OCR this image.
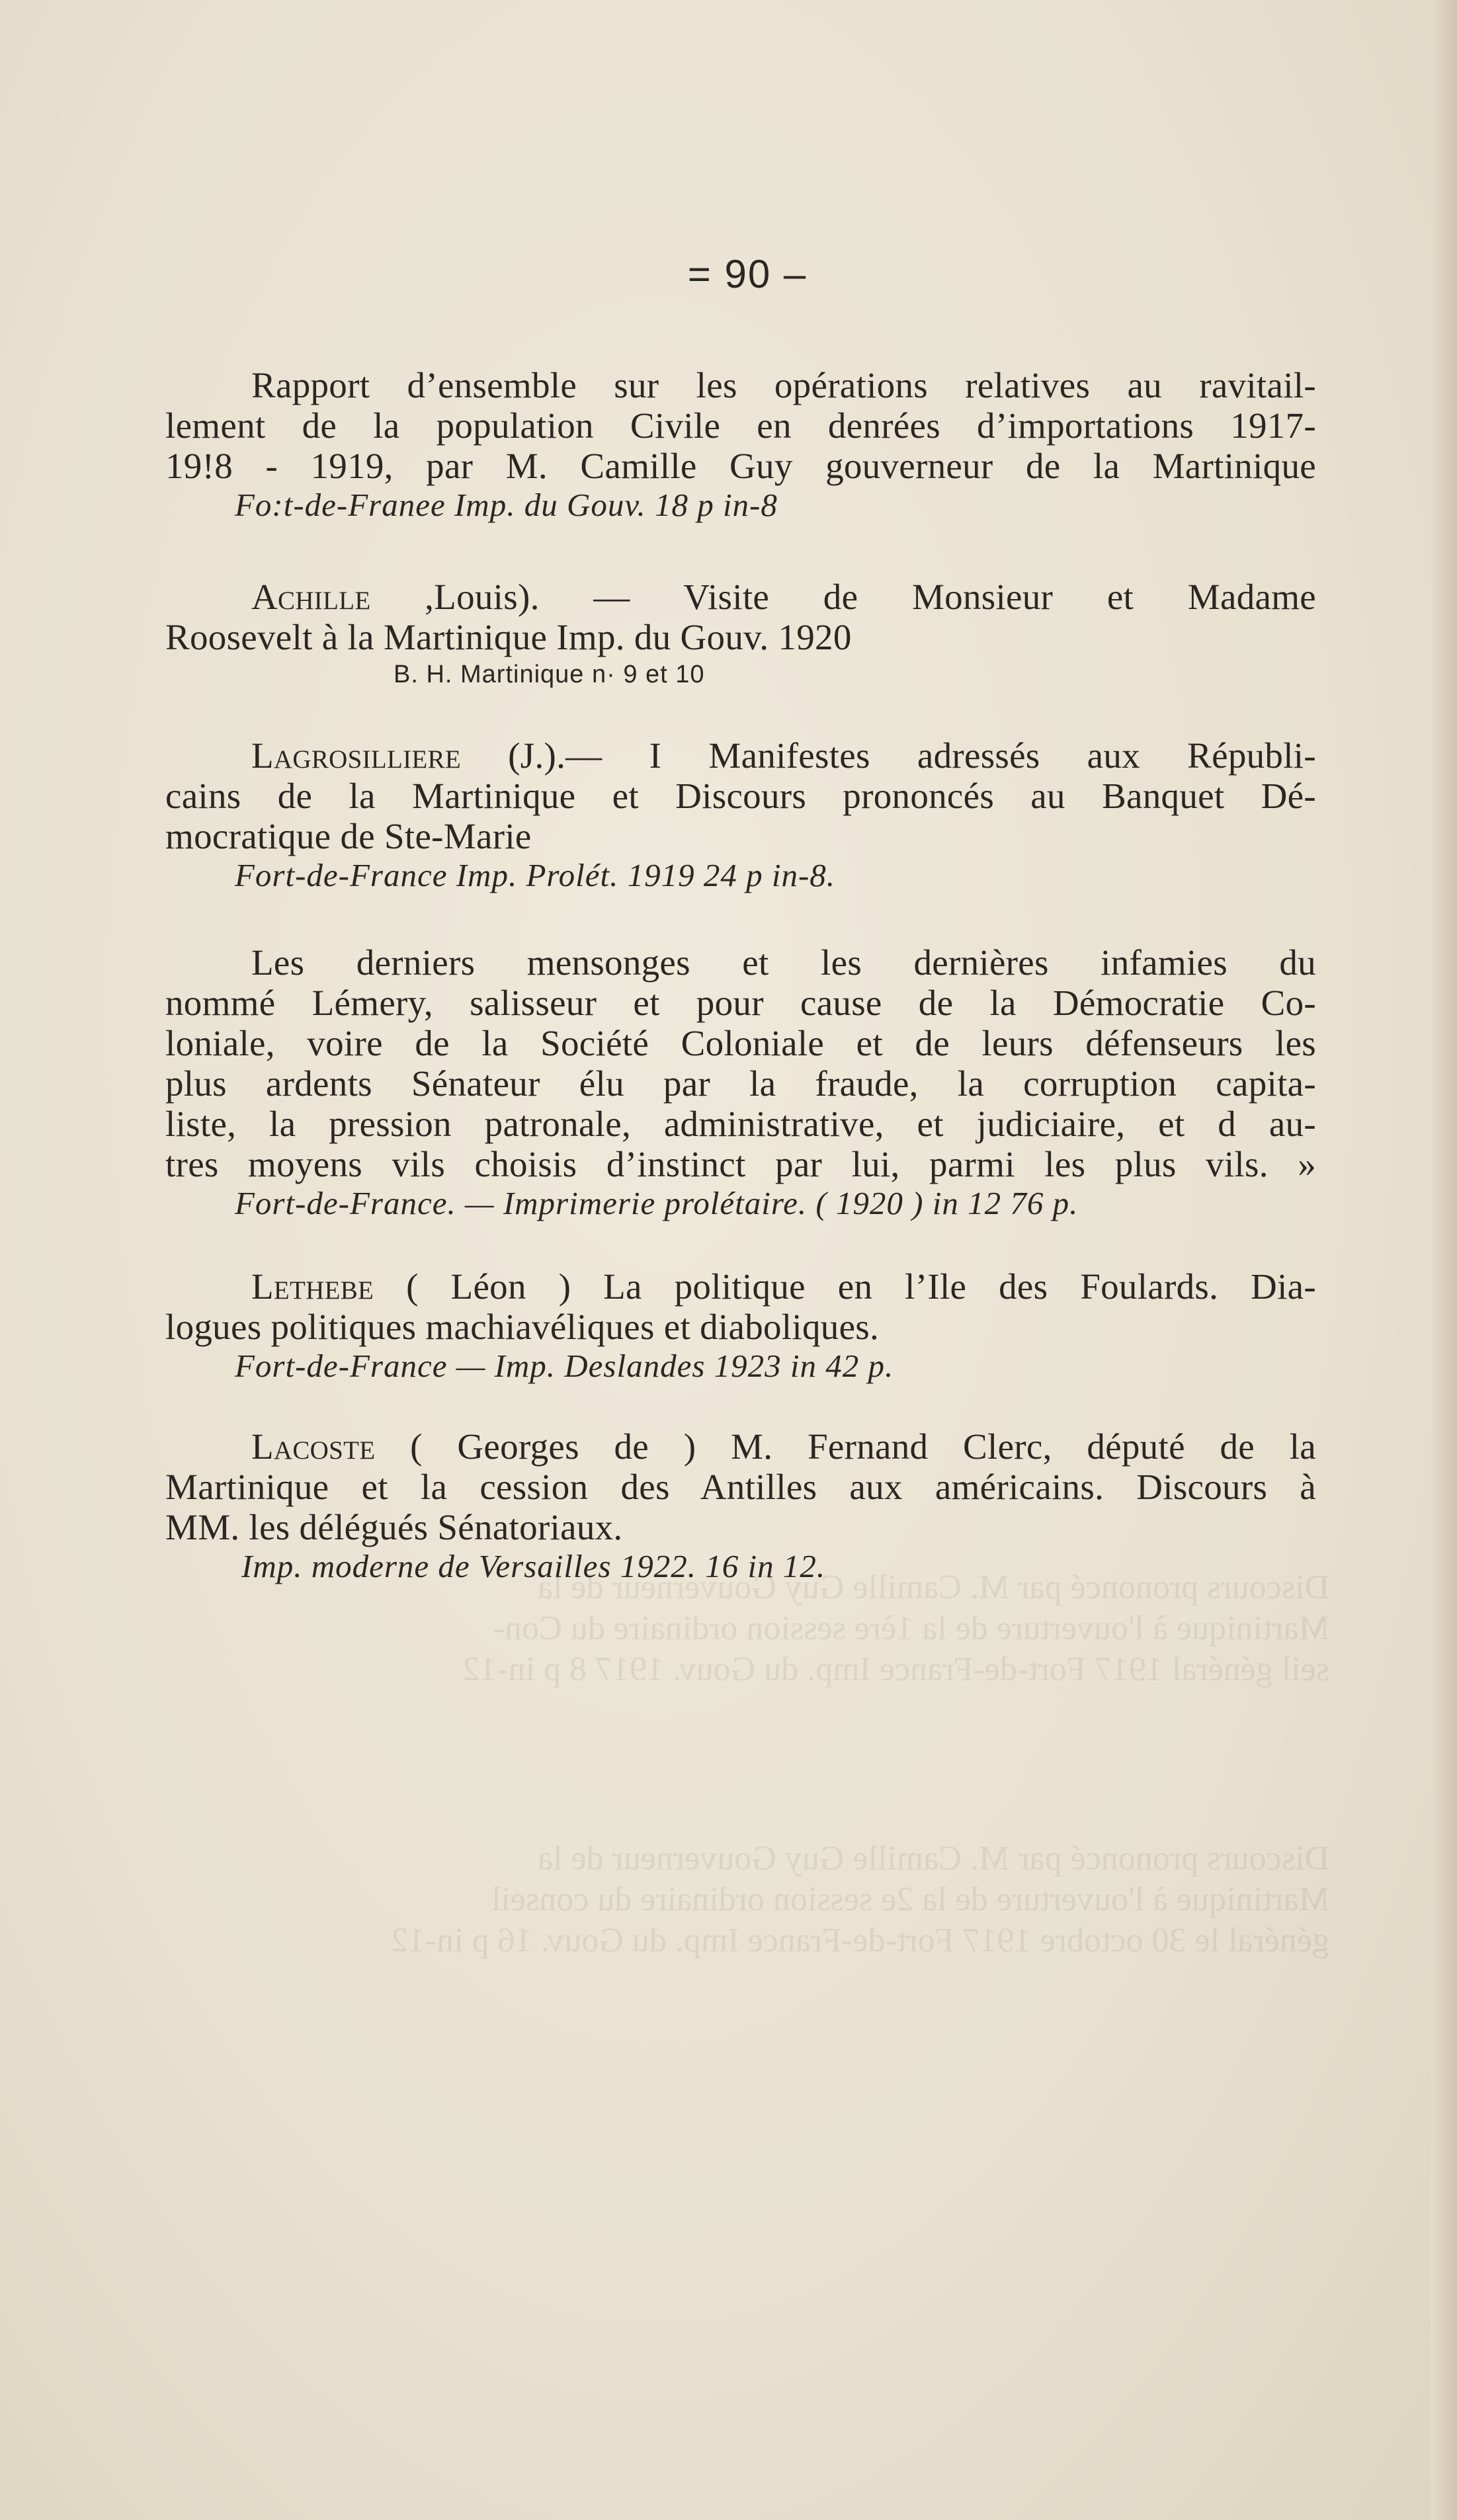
Discours prononcé par M. Camille Guy Gouverneur de la
Martinique à l'ouverture de la 1ère session ordinaire du Con-
seil général 1917 Fort-de-France Imp. du Gouv. 1917 8 p in-12
Discours prononcé par M. Camille Guy Gouverneur de la
Martinique à l'ouverture de la 2e session ordinaire du conseil
général le 30 octobre 1917 Fort-de-France Imp. du Gouv. 16 p in-12
= 90 –
Rapport d’ensemble sur les opérations relatives au ravitail-
lement de la population Civile en denrées d’importations 1917-
19!8 - 1919, par M. Camille Guy gouverneur de la Martinique
Fo:t-de-Franee Imp. du Gouv. 18 p in-8
Achille ,Louis). — Visite de Monsieur et Madame
Roosevelt à la Martinique Imp. du Gouv. 1920
B. H. Martinique n· 9 et 10
Lagrosillierе (J.).— I Manifestes adressés aux Républi-
cains de la Martinique et Discours prononcés au Banquet Dé-
mocratique de Ste-Marie
Fort-de-Frаnce Imp. Prolét. 1919 24 p in-8.
Les derniers mensonges et les dernières infamies du
nommé Lémery, salisseur et pour cause de la Démocratie Co-
loniale, voire de la Société Coloniale et de leurs défenseurs les
plus ardents Sénateur élu par la fraude, la corruption capita-
liste, la pression patronale, administrative, et judiciaire, et d au-
tres moyens vils choisis d’instinct par lui, parmi les plus vils. »
Fort-de-France. — Imprimerie prolétaire. ( 1920 ) in 12 76 p.
Lethebe ( Léon ) La politique en l’Ile des Foulards. Dia-
logues politiques machiavéliques et diaboliques.
Fort-de-France — Imp. Deslandes 1923 in 42 p.
Lacoste ( Georges de ) M. Fernand Clerc, député de la
Martinique et la cession des Antilles aux américains. Discours à
MM. les délégués Sénatoriaux.
Imp. moderne de Versailles 1922. 16 in 12.
